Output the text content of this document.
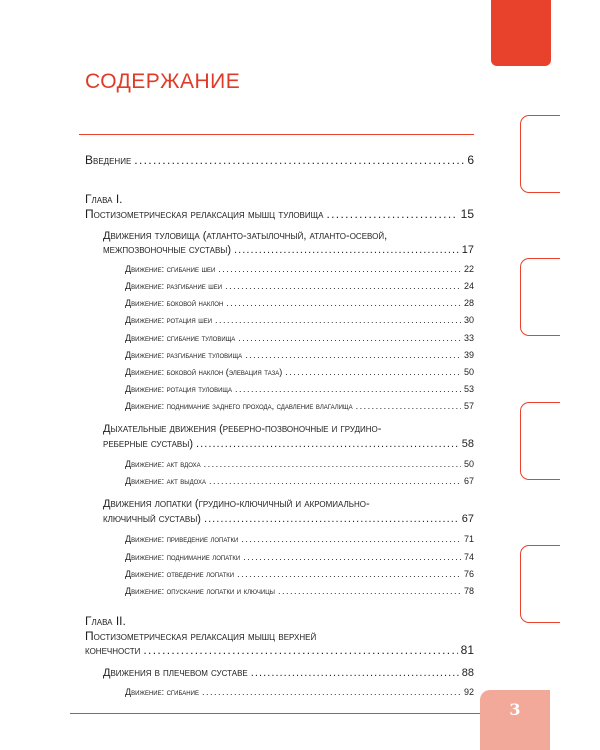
СОДЕРЖАНИЕ
Введение . . .	6
Глава I.
Постизометрическая релаксация мышц туловища . . .	15
Движения туловища (атланто-затылочный, атланто-осевой,
межпозвоночные суставы) . . .	17
Движение: сгибание шеи . . .	22
Движение: разгибание шеи . . .	24
Движение: боковой наклон . . .	28
Движение: ротация шеи . . .	30
Движение: сгибание туловища . . .	33
Движение: разгибание туловища . . .	39
Движение: боковой наклон (элевация таза) . . .	50
Движение: ротация туловища . . .	53
Движение: поднимание заднего прохода, сдавление влагалища . . .	57
Дыхательные движения (реберно-позвоночные и грудино-
реберные суставы) . . .	58
Движение: акт вдоха . . .	50
Движение: акт выдоха . . .	67
Движения лопатки (грудино-ключичный и акромиально-
ключичный суставы) . . .	67
Движение: приведение лопатки . . .	71
Движение: поднимание лопатки . . .	74
Движение: отведение лопатки . . .	76
Движение: опускание лопатки и ключицы . . .	78
Глава II.
Постизометрическая релаксация мышц верхней
конечности . . .	81
Движения в плечевом суставе . . .	88
Движение: сгибание . . .	92
3
